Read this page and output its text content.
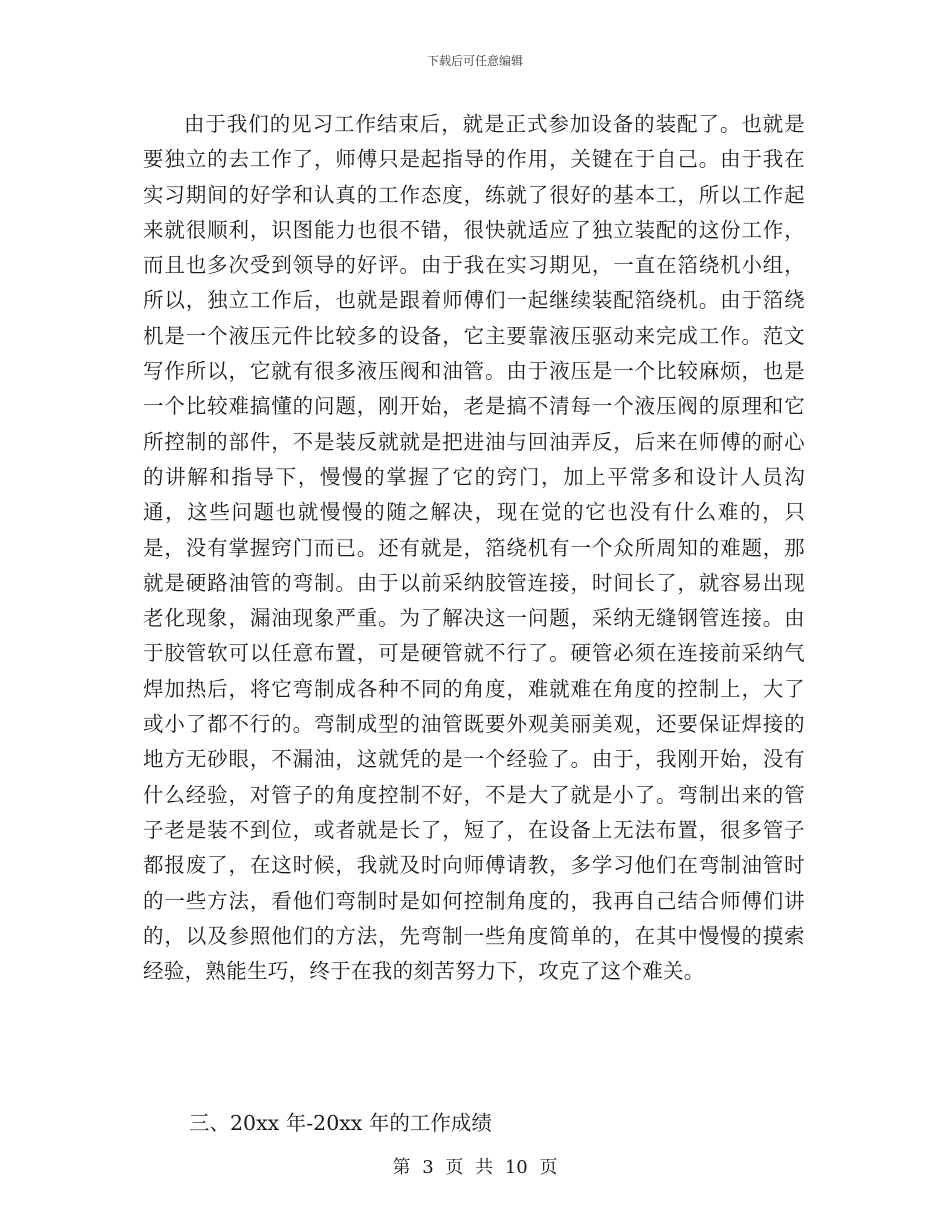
下载后可任意编辑

由于我们的见习工作结束后，就是正式参加设备的装配了。也就是要独立的去工作了，师傅只是起指导的作用，关键在于自己。由于我在实习期间的好学和认真的工作态度，练就了很好的基本工，所以工作起来就很顺利，识图能力也很不错，很快就适应了独立装配的这份工作，而且也多次受到领导的好评。由于我在实习期见，一直在箔绕机小组，所以，独立工作后，也就是跟着师傅们一起继续装配箔绕机。由于箔绕机是一个液压元件比较多的设备，它主要靠液压驱动来完成工作。范文写作所以，它就有很多液压阀和油管。由于液压是一个比较麻烦，也是一个比较难搞懂的问题，刚开始，老是搞不清每一个液压阀的原理和它所控制的部件，不是装反就就是把进油与回油弄反，后来在师傅的耐心的讲解和指导下，慢慢的掌握了它的窍门，加上平常多和设计人员沟通，这些问题也就慢慢的随之解决，现在觉的它也没有什么难的，只是，没有掌握窍门而已。还有就是，箔绕机有一个众所周知的难题，那就是硬路油管的弯制。由于以前采纳胶管连接，时间长了，就容易出现老化现象，漏油现象严重。为了解决这一问题，采纳无缝钢管连接。由于胶管软可以任意布置，可是硬管就不行了。硬管必须在连接前采纳气焊加热后，将它弯制成各种不同的角度，难就难在角度的控制上，大了或小了都不行的。弯制成型的油管既要外观美丽美观，还要保证焊接的地方无砂眼，不漏油，这就凭的是一个经验了。由于，我刚开始，没有什么经验，对管子的角度控制不好，不是大了就是小了。弯制出来的管子老是装不到位，或者就是长了，短了，在设备上无法布置，很多管子都报废了，在这时候，我就及时向师傅请教，多学习他们在弯制油管时的一些方法，看他们弯制时是如何控制角度的，我再自己结合师傅们讲的，以及参照他们的方法，先弯制一些角度简单的，在其中慢慢的摸索经验，熟能生巧，终于在我的刻苦努力下，攻克了这个难关。

三、20xx 年-20xx 年的工作成绩
第 3 页 共 10 页
